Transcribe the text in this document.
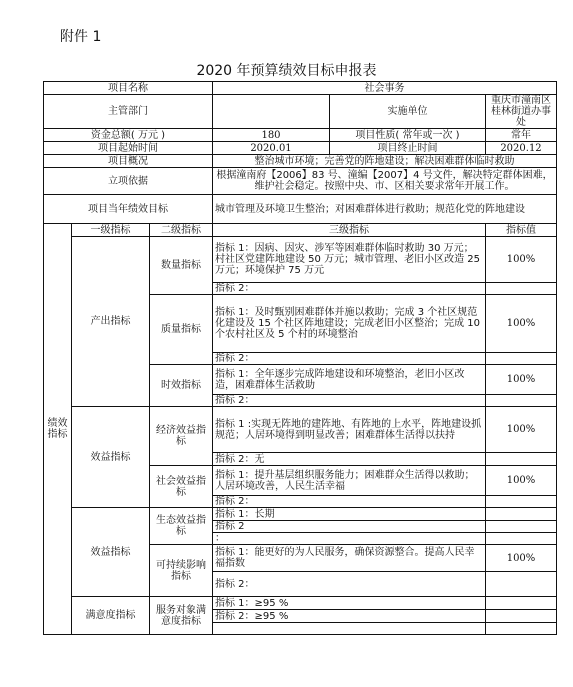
附件 1
2020 年预算绩效目标申报表
项目名称			社会事务		
主管部门				实施单位	重庆市潼南区桂林街道办事处
资金总额( 万元 )			180	项目性质( 常年或一次 )	常年
项目起始时间			2020.01	项目终止时间	2020.12
项目概况			整治城市环境；完善党的阵地建设；解决困难群体临时救助		
立项依据			根据潼南府【2006】83 号、潼编【2007】4 号文件，解决特定群体困难，维护社会稳定。按照中央、市、区相关要求常年开展工作。		
项目当年绩效目标			城市管理及环境卫生整治；对困难群体进行救助；规范化党的阵地建设		
绩效指标	一级指标	二级指标	三级指标		指标值
	产出指标	数量指标	指标 1：因病、因灾、涉军等困难群体临时救助 30 万元；村社区党建阵地建设 50 万元；城市管理、老旧小区改造 25 万元；环境保护 75 万元		100%
			指标 2：		
		质量指标	指标 1：及时甄别困难群体并施以救助；完成 3 个社区规范化建设及 15 个社区阵地建设；完成老旧小区整治；完成 10 个农村社区及 5 个村的环境整治		100%
			指标 2：		
		时效指标	指标 1：全年逐步完成阵地建设和环境整治，老旧小区改造，困难群体生活救助		100%
			指标 2：		
	效益指标	经济效益指标	指标 1 :实现无阵地的建阵地、有阵地的上水平，阵地建设抓规范；人居环境得到明显改善；困难群体生活得以扶持		100%
			指标 2：无		
		社会效益指标	指标 1：提升基层组织服务能力；困难群众生活得以救助；人居环境改善，人民生活幸福		100%
			指标 2：		
	效益指标	生态效益指标	指标 1：长期		
			指标 2		
			：		
		可持续影响指标	指标 1：能更好的为人民服务，确保资源整合。提高人民幸福指数		100%

			指标 2：		
	满意度指标	服务对象满意度指标	指标 1：≥95 %		
			指标 2：≥95 %		
